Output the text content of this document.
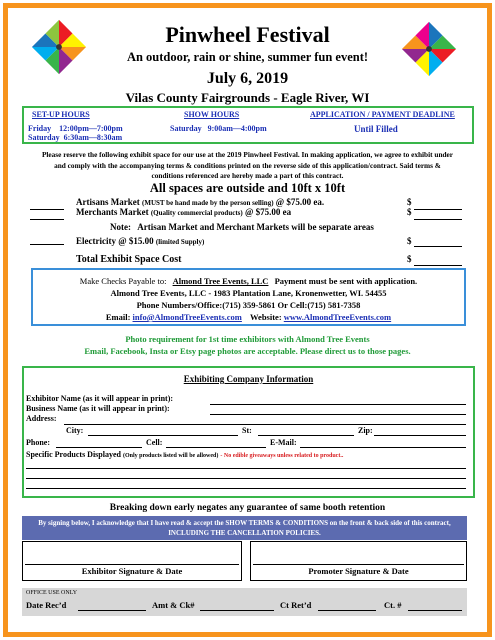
Pinwheel Festival
An outdoor, rain or shine, summer fun event!
July 6, 2019
Vilas County Fairgrounds - Eagle River, WI
SET-UP HOURS
Friday    12:00pm—7:00pm
Saturday  6:30am—8:30am
SHOW HOURS
Saturday   9:00am—4:00pm
APPLICATION / PAYMENT DEADLINE
Until Filled
Please reserve the following exhibit space for our use at the 2019 Pinwheel Festival. In making application, we agree to exhibit under and comply with the accompanying terms & conditions printed on the reverse side of this application/contract. Said terms & conditions referenced are hereby made a part of this contract.
All spaces are outside and 10ft x 10ft
Artisans Market (MUST be hand made by the person selling) @ $75.00 ea.	$
Merchants Market (Quality commercial products) @ $75.00 ea	$
Note:   Artisan Market and Merchant Markets will be separate areas
Electricity @ $15.00 (limited Supply)	$
Total Exhibit Space Cost	$
Make Checks Payable to: Almond Tree Events, LLC Payment must be sent with application.
Almond Tree Events, LLC - 1983 Plantation Lane, Kronenwetter, WI. 54455
Phone Numbers/Office:(715) 359-5861 Or Cell:(715) 581-7358
Email: info@AlmondTreeEvents.com Website: www.AlmondTreeEvents.com
Photo requirement for 1st time exhibitors with Almond Tree Events
Email, Facebook, Insta or Etsy page photos are acceptable. Please direct us to those pages.
Exhibiting Company Information
Exhibitor Name (as it will appear in print):
Business Name (as it will appear in print):
Address:
City:	St:	Zip:
Phone:	Cell:	E-Mail:
Specific Products Displayed (Only products listed will be allowed) - No edible giveaways unless related to product..
Breaking down early negates any guarantee of same booth retention
By signing below, I acknowledge that I have read & accept the SHOW TERMS & CONDITIONS on the front & back side of this contract, INCLUDING THE CANCELLATION POLICIES.
Exhibitor Signature & Date	Promoter Signature & Date
OFFICE USE ONLY
Date Rec’d	Amt & Ck#	Ct Ret’d	Ct. #
